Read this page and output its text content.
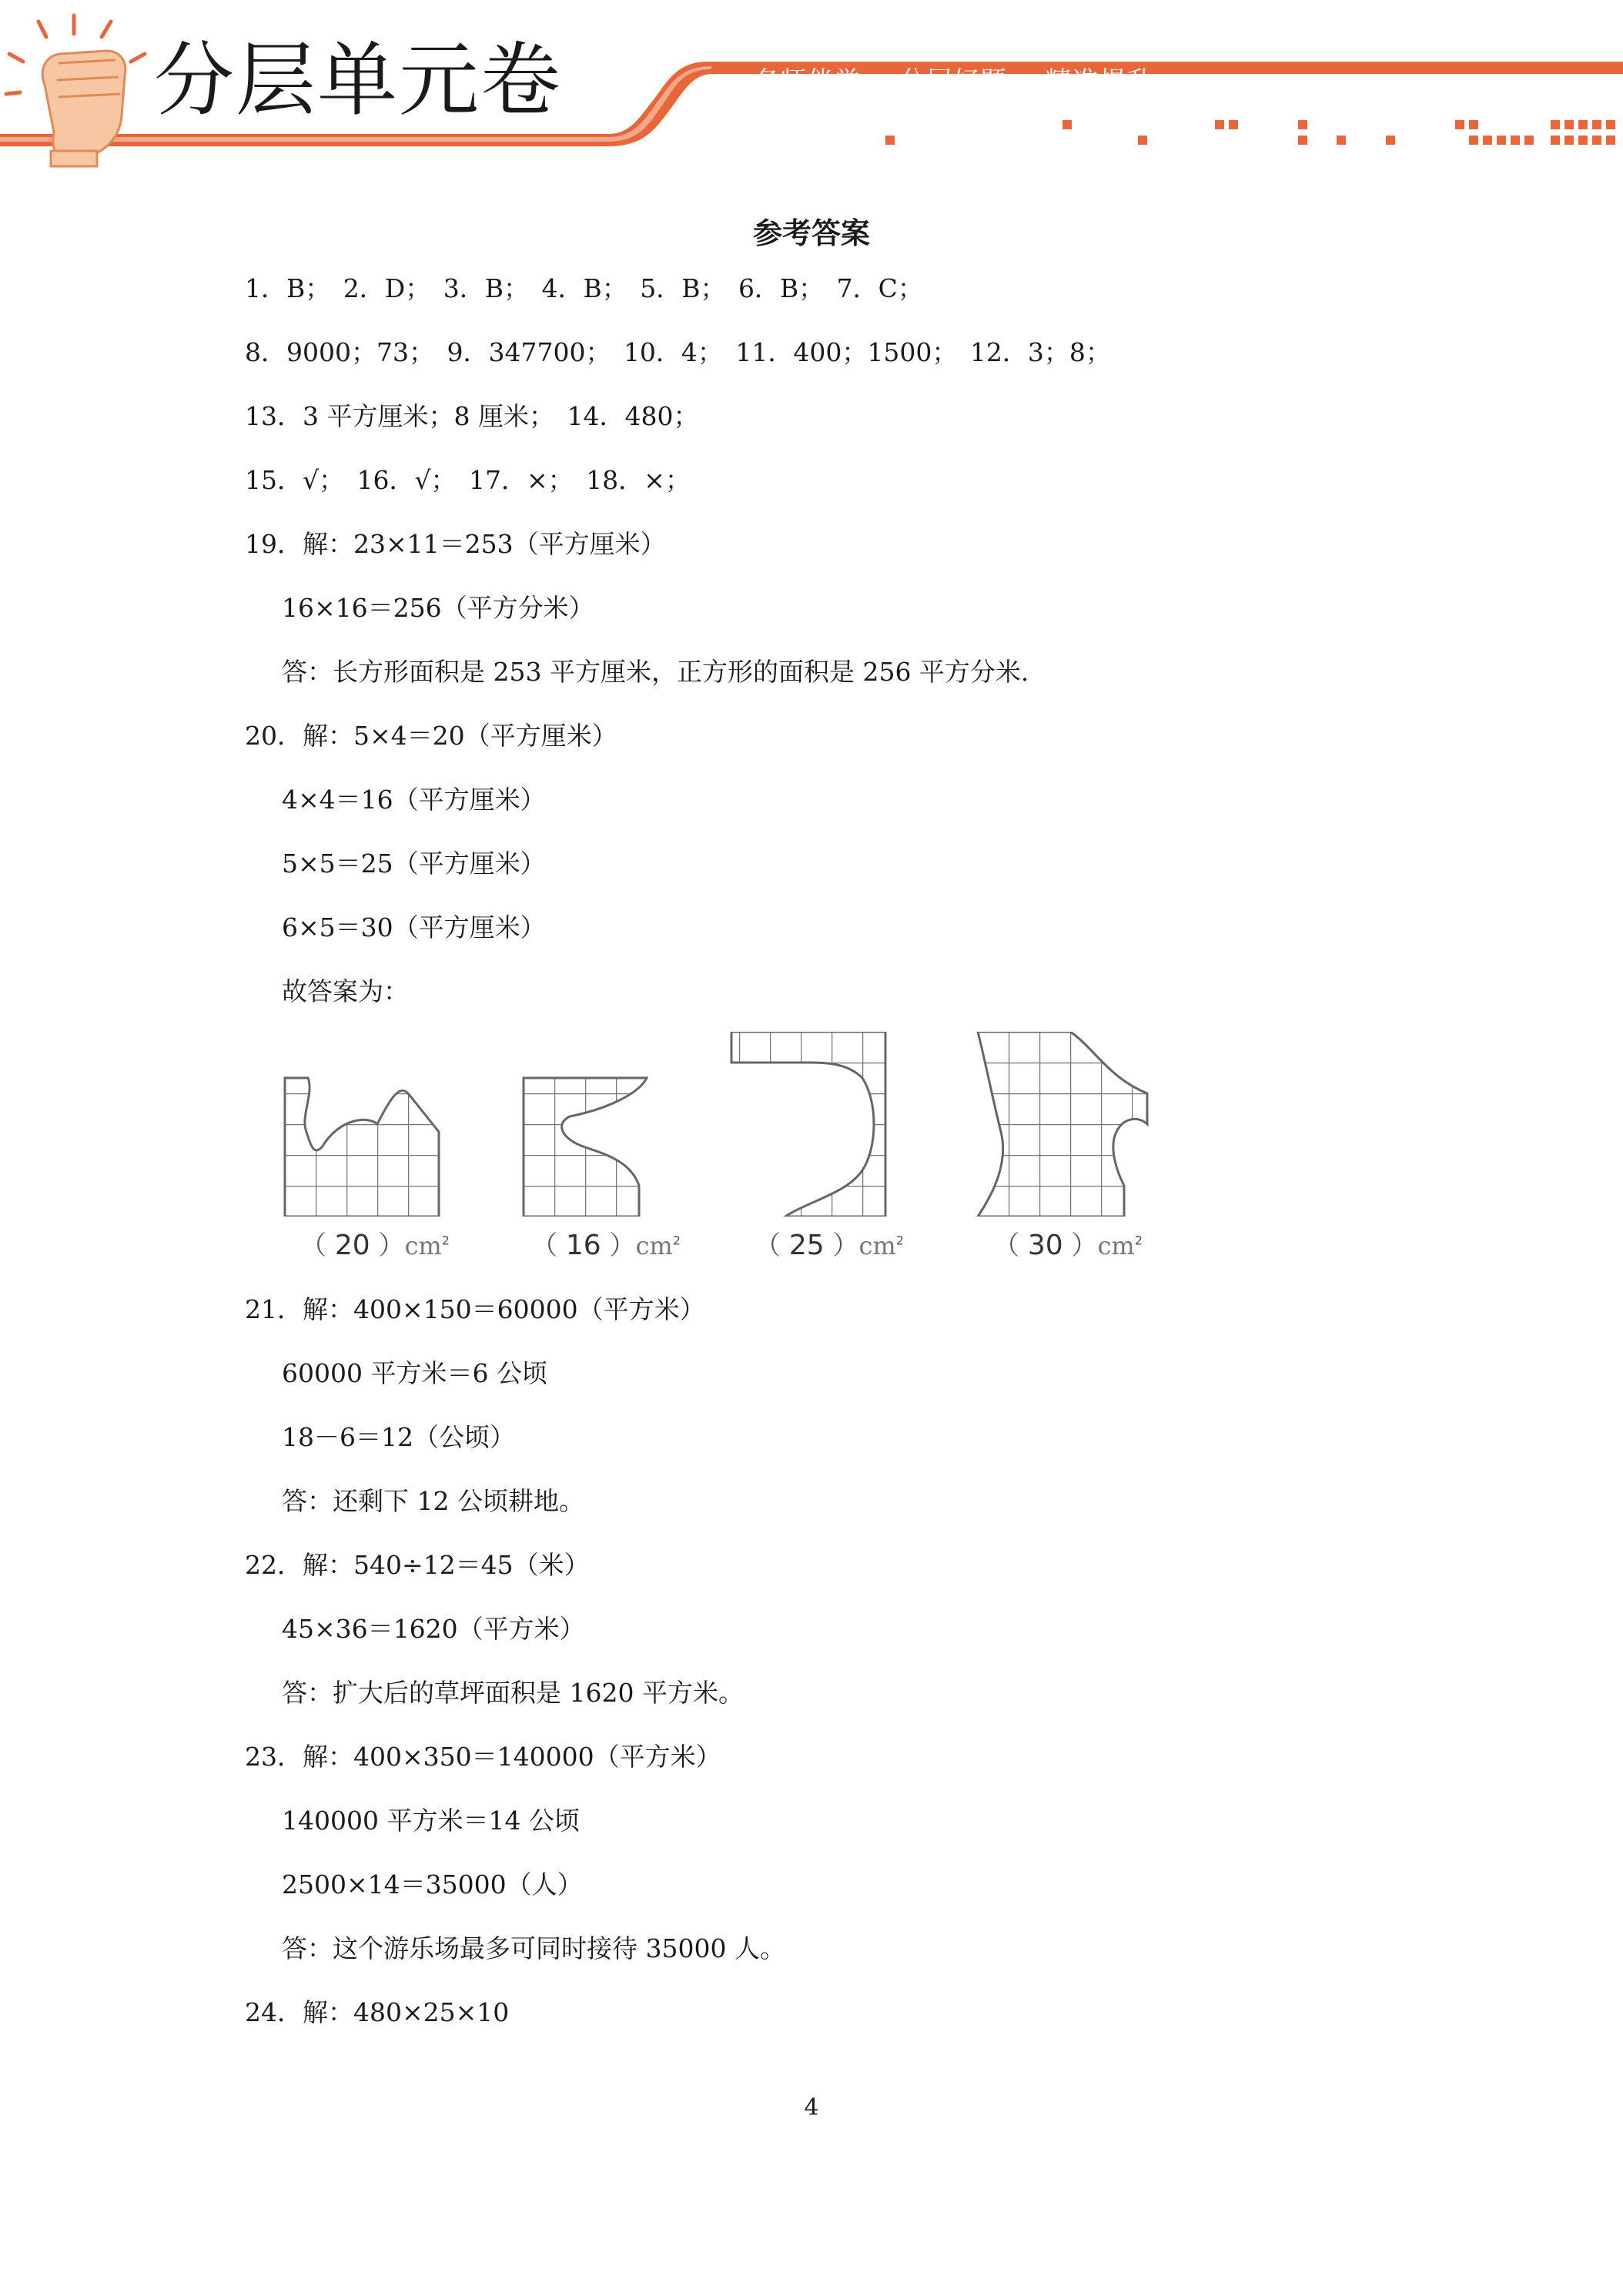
分层单元卷	名师伴学 分层好题 精准提升
参考答案
1．B；　2．D；　3．B；　4．B；　5．B；　6．B；　7．C；
8．9000；73；　9．347700；　10．4；　11．400；1500；　12．3；8；
13．3 平方厘米；8 厘米；　14．480；
15．√；　16．√；　17．×；　18．×；
19．解：23×11＝253（平方厘米）
16×16＝256（平方分米）
答：长方形面积是 253 平方厘米，正方形的面积是 256 平方分米.
20．解：5×4＝20（平方厘米）
4×4＝16（平方厘米）
5×5＝25（平方厘米）
6×5＝30（平方厘米）
故答案为：
21．解：400×150＝60000（平方米）
60000 平方米＝6 公顷
18－6＝12（公顷）
答：还剩下 12 公顷耕地。
22．解：540÷12＝45（米）
45×36＝1620（平方米）
答：扩大后的草坪面积是 1620 平方米。
23．解：400×350＝140000（平方米）
140000 平方米＝14 公顷
2500×14＝35000（人）
答：这个游乐场最多可同时接待 35000 人。
24．解：480×25×10
（ 20 ）$cm^2$	（ 16 ）$cm^2$	（ 25 ）$cm^2$	（ 30 ）$cm^2$
4
